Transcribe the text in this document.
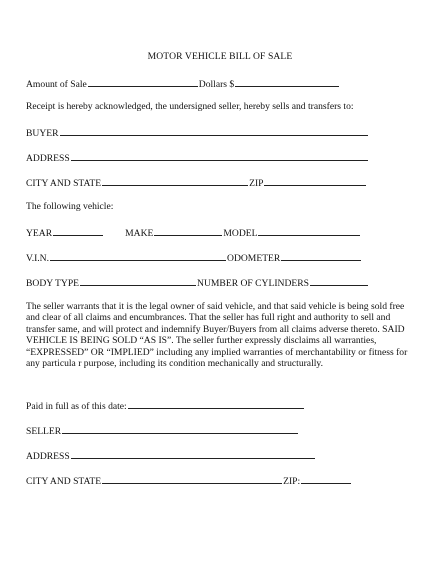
MOTOR VEHICLE BILL OF SALE
Amount of Sale	Dollars $
Receipt is hereby acknowledged, the undersigned seller, hereby sells and transfers to:
BUYER
ADDRESS
CITY AND STATE	ZIP
The following vehicle:
YEAR	MAKE	MODEL
V.I.N.	ODOMETER
BODY TYPE	NUMBER OF CYLINDERS
The seller warrants that it is the legal owner of said vehicle, and that said vehicle is being sold free and clear of all claims and encumbrances. That the seller has full right and authority to sell and transfer same, and will protect and indemnify Buyer/Buyers from all claims adverse thereto. SAID VEHICLE IS BEING SOLD “AS IS”. The seller further expressly disclaims all warranties, “EXPRESSED” OR “IMPLIED” including any implied warranties of merchantability or fitness for any particula r purpose, including its condition mechanically and structurally.
Paid in full as of this date:
SELLER
ADDRESS
CITY AND STATE	ZIP:
